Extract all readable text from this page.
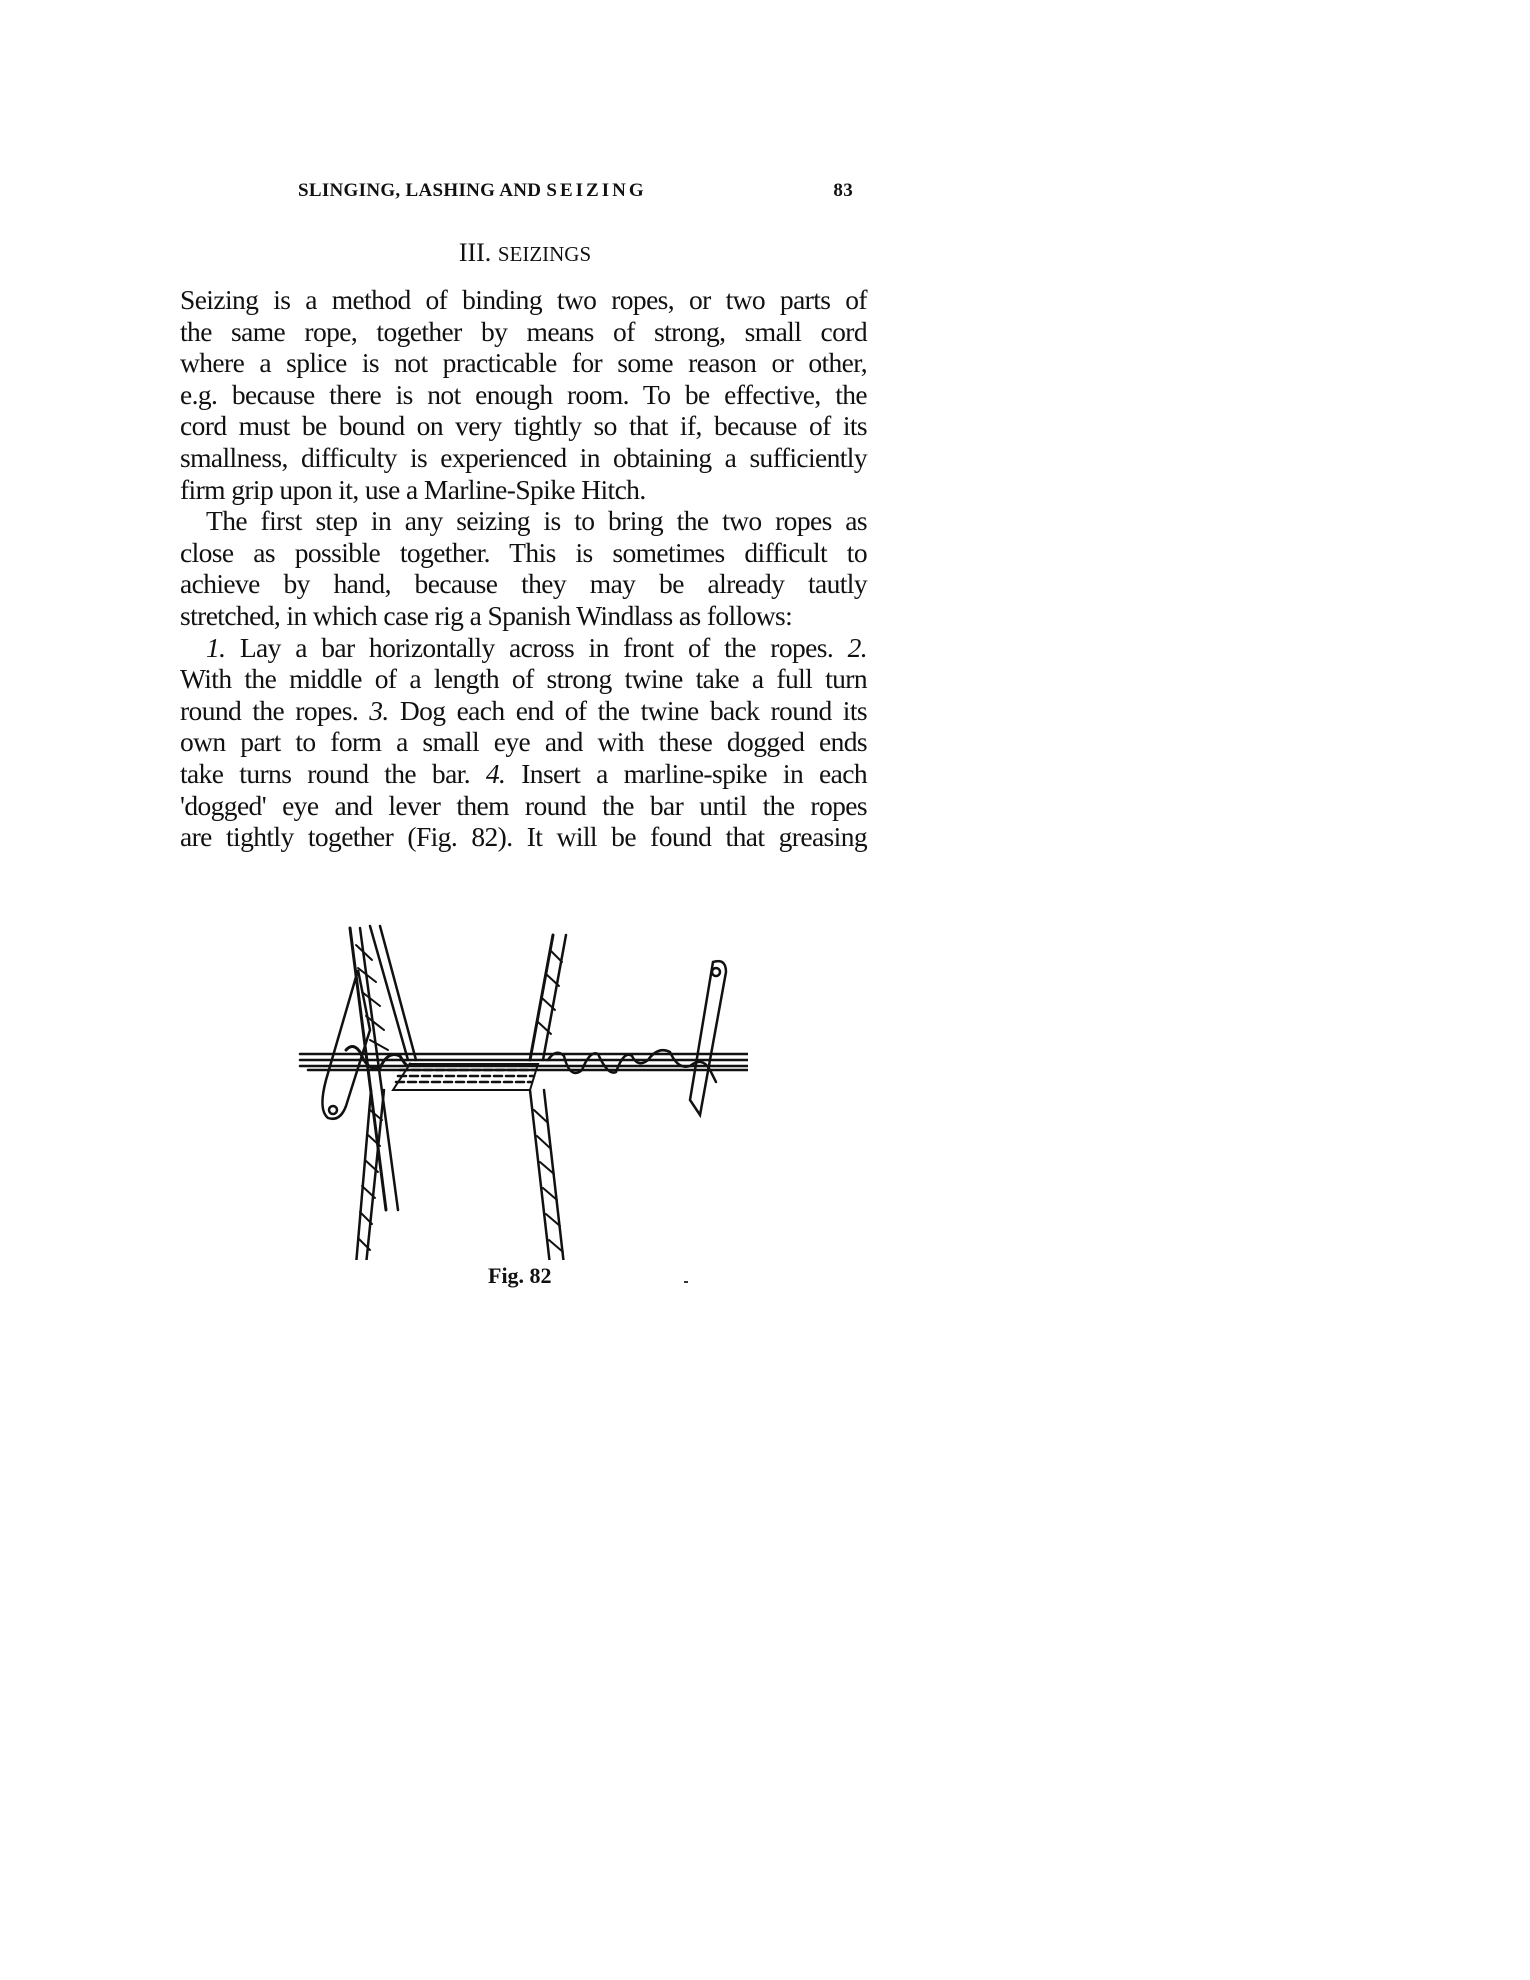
SLINGING, LASHING AND SEIZING	83
III. SEIZINGS

Seizing is a method of binding two ropes, or two parts of
the same rope, together by means of strong, small cord
where a splice is not practicable for some reason or other,
e.g. because there is not enough room. To be effective, the
cord must be bound on very tightly so that if, because of its
smallness, difficulty is experienced in obtaining a sufficiently
firm grip upon it, use a Marline-Spike Hitch.

The first step in any seizing is to bring the two ropes as
close as possible together. This is sometimes difficult to
achieve by hand, because they may be already tautly
stretched, in which case rig a Spanish Windlass as follows:

1. Lay a bar horizontally across in front of the ropes. 2.
With the middle of a length of strong twine take a full turn
round the ropes. 3. Dog each end of the twine back round its
own part to form a small eye and with these dogged ends
take turns round the bar. 4. Insert a marline-spike in each
'dogged' eye and lever them round the bar until the ropes
are tightly together (Fig. 82). It will be found that greasing

Fig. 82
